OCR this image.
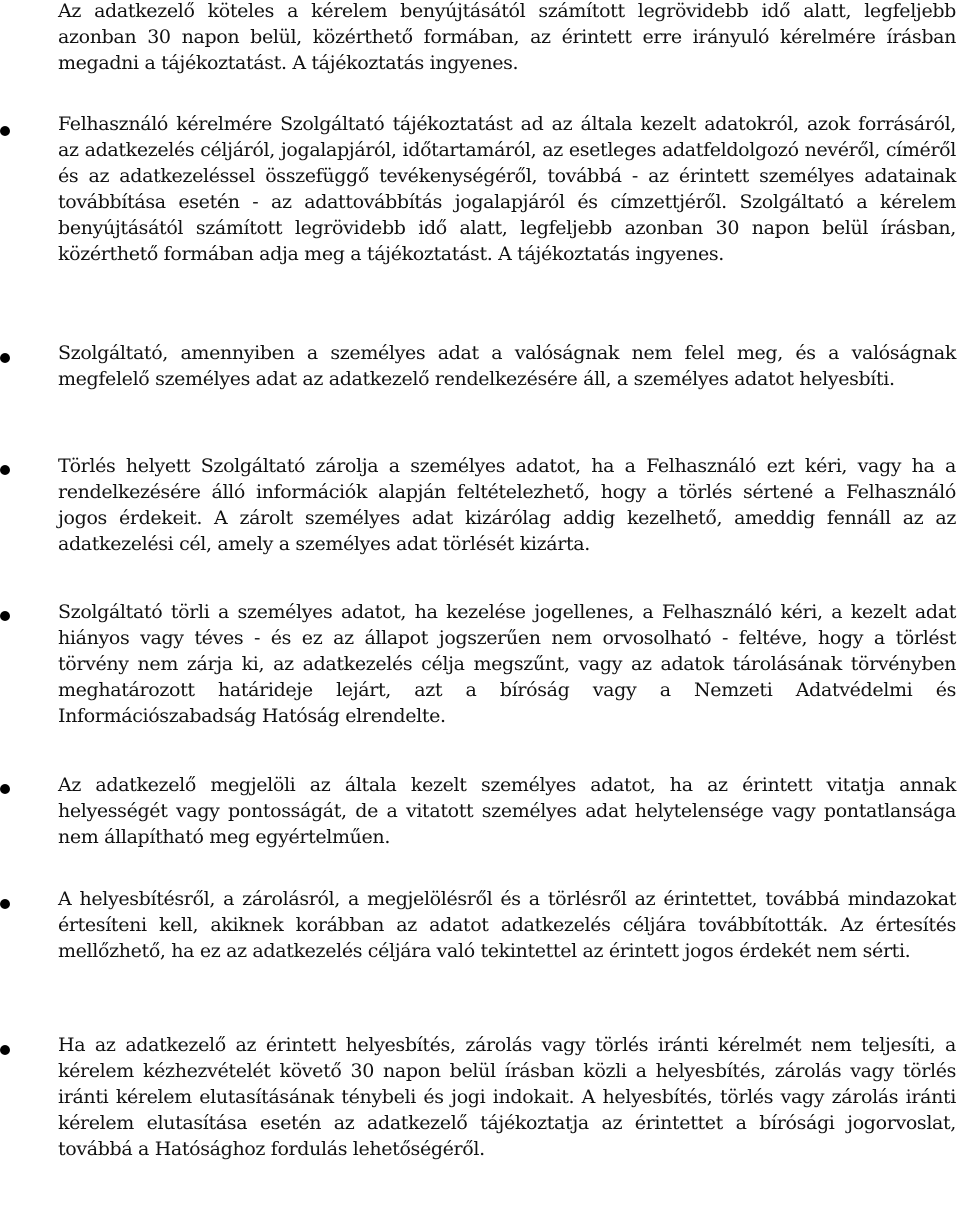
Az adatkezelő köteles a kérelem benyújtásától számított legrövidebb idő alatt, legfeljebb azonban 30 napon belül, közérthető formában, az érintett erre irányuló kérelmére írásban megadni a tájékoztatást. A tájékoztatás ingyenes.

Felhasználó kérelmére Szolgáltató tájékoztatást ad az általa kezelt adatokról, azok forrásáról, az adatkezelés céljáról, jogalapjáról, időtartamáról, az esetleges adatfeldolgozó nevéről, címéről és az adatkezeléssel összefüggő tevékenységéről, továbbá - az érintett személyes adatainak továbbítása esetén - az adattovábbítás jogalapjáról és címzettjéről. Szolgáltató a kérelem benyújtásától számított legrövidebb idő alatt, legfeljebb azonban 30 napon belül írásban, közérthető formában adja meg a tájékoztatást. A tájékoztatás ingyenes.

Szolgáltató, amennyiben a személyes adat a valóságnak nem felel meg, és a valóságnak megfelelő személyes adat az adatkezelő rendelkezésére áll, a személyes adatot helyesbíti.

Törlés helyett Szolgáltató zárolja a személyes adatot, ha a Felhasználó ezt kéri, vagy ha a rendelkezésére álló információk alapján feltételezhető, hogy a törlés sértené a Felhasználó jogos érdekeit. A zárolt személyes adat kizárólag addig kezelhető, ameddig fennáll az az adatkezelési cél, amely a személyes adat törlését kizárta.

Szolgáltató törli a személyes adatot, ha kezelése jogellenes, a Felhasználó kéri, a kezelt adat hiányos vagy téves - és ez az állapot jogszerűen nem orvosolható - feltéve, hogy a törlést törvény nem zárja ki, az adatkezelés célja megszűnt, vagy az adatok tárolásának törvényben meghatározott határideje lejárt, azt a bíróság vagy a Nemzeti Adatvédelmi és Információszabadság Hatóság elrendelte.

Az adatkezelő megjelöli az általa kezelt személyes adatot, ha az érintett vitatja annak helyességét vagy pontosságát, de a vitatott személyes adat helytelensége vagy pontatlansága nem állapítható meg egyértelműen.

A helyesbítésről, a zárolásról, a megjelölésről és a törlésről az érintettet, továbbá mindazokat értesíteni kell, akiknek korábban az adatot adatkezelés céljára továbbították. Az értesítés mellőzhető, ha ez az adatkezelés céljára való tekintettel az érintett jogos érdekét nem sérti.

Ha az adatkezelő az érintett helyesbítés, zárolás vagy törlés iránti kérelmét nem teljesíti, a kérelem kézhezvételét követő 30 napon belül írásban közli a helyesbítés, zárolás vagy törlés iránti kérelem elutasításának ténybeli és jogi indokait. A helyesbítés, törlés vagy zárolás iránti kérelem elutasítása esetén az adatkezelő tájékoztatja az érintettet a bírósági jogorvoslat, továbbá a Hatósághoz fordulás lehetőségéről.
